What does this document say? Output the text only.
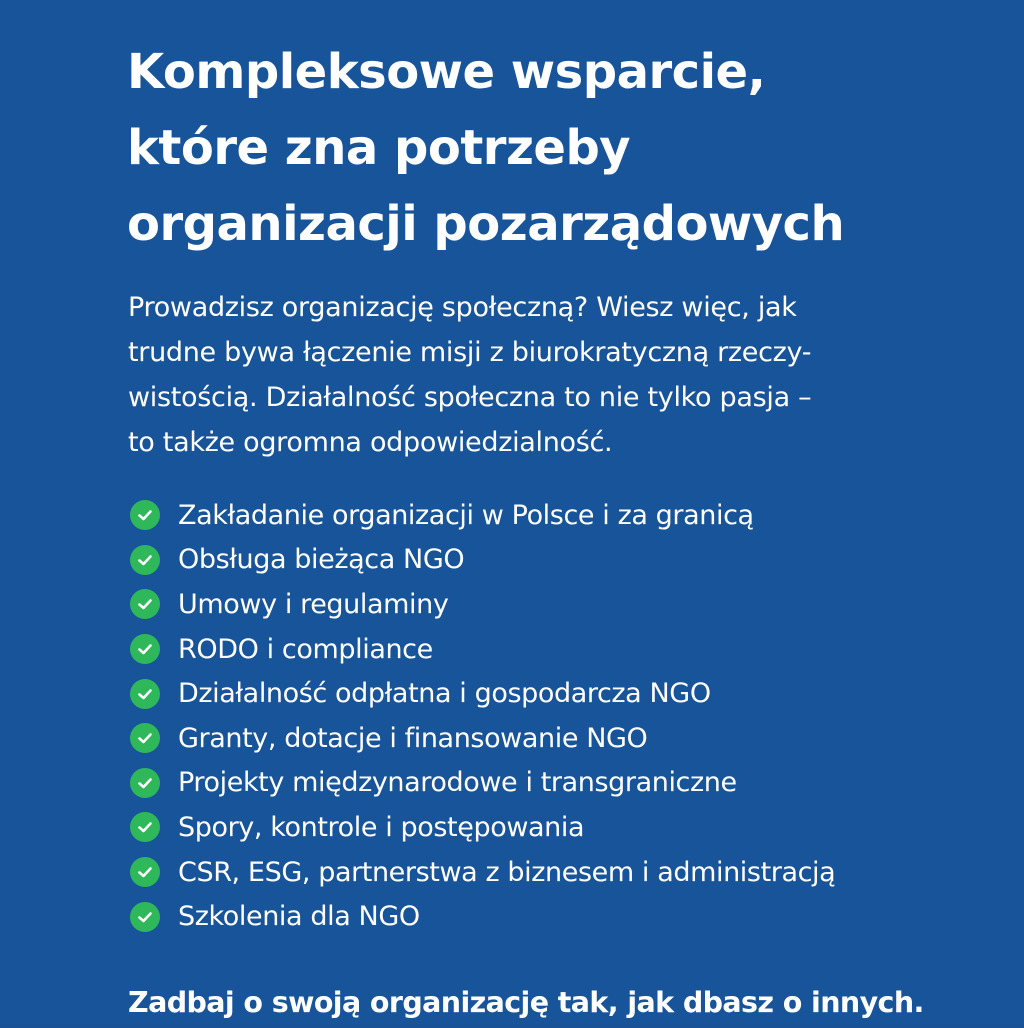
Kompleksowe wsparcie,
które zna potrzeby
organizacji pozarządowych

Prowadzisz organizację społeczną? Wiesz więc, jak
trudne bywa łączenie misji z biurokratyczną rzeczy-
wistością. Działalność społeczna to nie tylko pasja –
to także ogromna odpowiedzialność.

Zakładanie organizacji w Polsce i za granicą
Obsługa bieżąca NGO
Umowy i regulaminy
RODO i compliance
Działalność odpłatna i gospodarcza NGO
Granty, dotacje i finansowanie NGO
Projekty międzynarodowe i transgraniczne
Spory, kontrole i postępowania
CSR, ESG, partnerstwa z biznesem i administracją
Szkolenia dla NGO

Zadbaj o swoją organizację tak, jak dbasz o innych.
